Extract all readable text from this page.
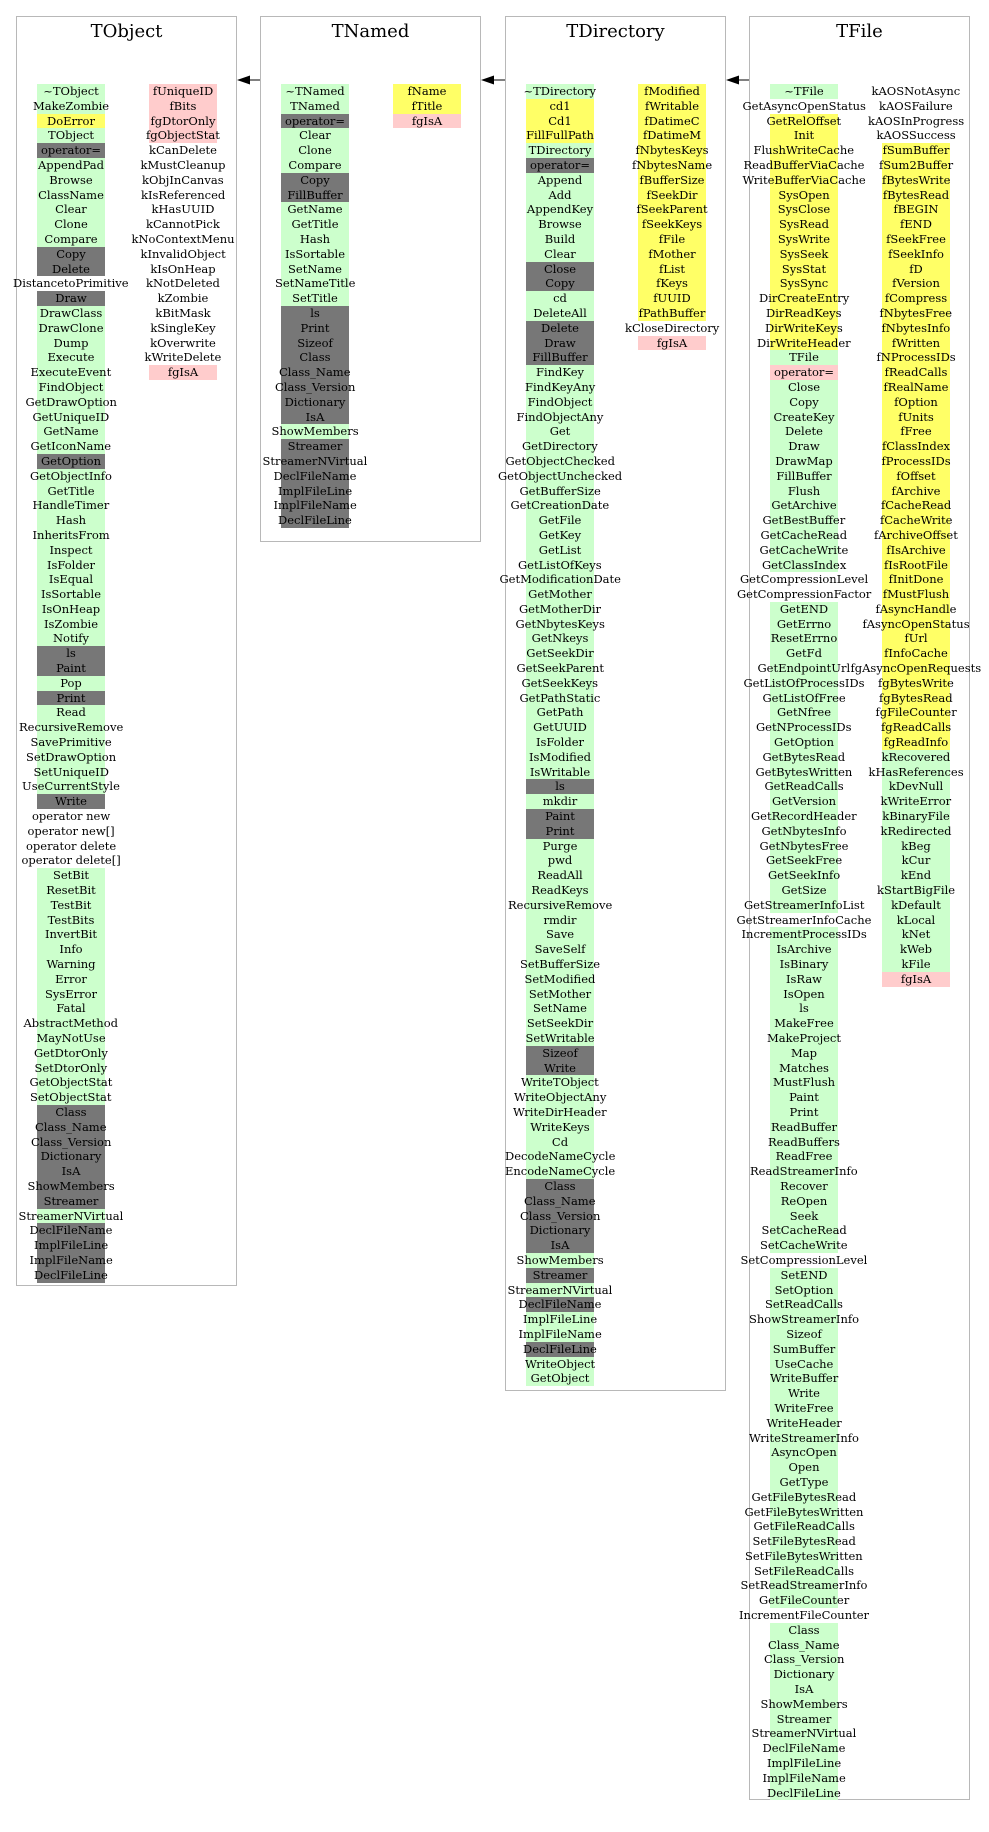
TObject
~TObject
MakeZombie
DoError
TObject
operator=
AppendPad
Browse
ClassName
Clear
Clone
Compare
Copy
Delete
DistancetoPrimitive
Draw
DrawClass
DrawClone
Dump
Execute
ExecuteEvent
FindObject
GetDrawOption
GetUniqueID
GetName
GetIconName
GetOption
GetObjectInfo
GetTitle
HandleTimer
Hash
InheritsFrom
Inspect
IsFolder
IsEqual
IsSortable
IsOnHeap
IsZombie
Notify
ls
Paint
Pop
Print
Read
RecursiveRemove
SavePrimitive
SetDrawOption
SetUniqueID
UseCurrentStyle
Write
operator new
operator new[]
operator delete
operator delete[]
SetBit
ResetBit
TestBit
TestBits
InvertBit
Info
Warning
Error
SysError
Fatal
AbstractMethod
MayNotUse
GetDtorOnly
SetDtorOnly
GetObjectStat
SetObjectStat
Class
Class_Name
Class_Version
Dictionary
IsA
ShowMembers
Streamer
StreamerNVirtual
DeclFileName
ImplFileLine
ImplFileName
DeclFileLine
fUniqueID
fBits
fgDtorOnly
fgObjectStat
kCanDelete
kMustCleanup
kObjInCanvas
kIsReferenced
kHasUUID
kCannotPick
kNoContextMenu
kInvalidObject
kIsOnHeap
kNotDeleted
kZombie
kBitMask
kSingleKey
kOverwrite
kWriteDelete
fgIsA
TNamed
~TNamed
TNamed
operator=
Clear
Clone
Compare
Copy
FillBuffer
GetName
GetTitle
Hash
IsSortable
SetName
SetNameTitle
SetTitle
ls
Print
Sizeof
Class
Class_Name
Class_Version
Dictionary
IsA
ShowMembers
Streamer
StreamerNVirtual
DeclFileName
ImplFileLine
ImplFileName
DeclFileLine
fName
fTitle
fgIsA
TDirectory
~TDirectory
cd1
Cd1
FillFullPath
TDirectory
operator=
Append
Add
AppendKey
Browse
Build
Clear
Close
Copy
cd
DeleteAll
Delete
Draw
FillBuffer
FindKey
FindKeyAny
FindObject
FindObjectAny
Get
GetDirectory
GetObjectChecked
GetObjectUnchecked
GetBufferSize
GetCreationDate
GetFile
GetKey
GetList
GetListOfKeys
GetModificationDate
GetMother
GetMotherDir
GetNbytesKeys
GetNkeys
GetSeekDir
GetSeekParent
GetSeekKeys
GetPathStatic
GetPath
GetUUID
IsFolder
IsModified
IsWritable
ls
mkdir
Paint
Print
Purge
pwd
ReadAll
ReadKeys
RecursiveRemove
rmdir
Save
SaveSelf
SetBufferSize
SetModified
SetMother
SetName
SetSeekDir
SetWritable
Sizeof
Write
WriteTObject
WriteObjectAny
WriteDirHeader
WriteKeys
Cd
DecodeNameCycle
EncodeNameCycle
Class
Class_Name
Class_Version
Dictionary
IsA
ShowMembers
Streamer
StreamerNVirtual
DeclFileName
ImplFileLine
ImplFileName
DeclFileLine
WriteObject
GetObject
fModified
fWritable
fDatimeC
fDatimeM
fNbytesKeys
fNbytesName
fBufferSize
fSeekDir
fSeekParent
fSeekKeys
fFile
fMother
fList
fKeys
fUUID
fPathBuffer
kCloseDirectory
fgIsA
TFile
~TFile
GetAsyncOpenStatus
GetRelOffset
Init
FlushWriteCache
ReadBufferViaCache
WriteBufferViaCache
SysOpen
SysClose
SysRead
SysWrite
SysSeek
SysStat
SysSync
DirCreateEntry
DirReadKeys
DirWriteKeys
DirWriteHeader
TFile
operator=
Close
Copy
CreateKey
Delete
Draw
DrawMap
FillBuffer
Flush
GetArchive
GetBestBuffer
GetCacheRead
GetCacheWrite
GetClassIndex
GetCompressionLevel
GetCompressionFactor
GetEND
GetErrno
ResetErrno
GetFd
GetEndpointUrl
GetListOfProcessIDs
GetListOfFree
GetNfree
GetNProcessIDs
GetOption
GetBytesRead
GetBytesWritten
GetReadCalls
GetVersion
GetRecordHeader
GetNbytesInfo
GetNbytesFree
GetSeekFree
GetSeekInfo
GetSize
GetStreamerInfoList
GetStreamerInfoCache
IncrementProcessIDs
IsArchive
IsBinary
IsRaw
IsOpen
ls
MakeFree
MakeProject
Map
Matches
MustFlush
Paint
Print
ReadBuffer
ReadBuffers
ReadFree
ReadStreamerInfo
Recover
ReOpen
Seek
SetCacheRead
SetCacheWrite
SetCompressionLevel
SetEND
SetOption
SetReadCalls
ShowStreamerInfo
Sizeof
SumBuffer
UseCache
WriteBuffer
Write
WriteFree
WriteHeader
WriteStreamerInfo
AsyncOpen
Open
GetType
GetFileBytesRead
GetFileBytesWritten
GetFileReadCalls
SetFileBytesRead
SetFileBytesWritten
SetFileReadCalls
SetReadStreamerInfo
GetFileCounter
IncrementFileCounter
Class
Class_Name
Class_Version
Dictionary
IsA
ShowMembers
Streamer
StreamerNVirtual
DeclFileName
ImplFileLine
ImplFileName
DeclFileLine
kAOSNotAsync
kAOSFailure
kAOSInProgress
kAOSSuccess
fSumBuffer
fSum2Buffer
fBytesWrite
fBytesRead
fBEGIN
fEND
fSeekFree
fSeekInfo
fD
fVersion
fCompress
fNbytesFree
fNbytesInfo
fWritten
fNProcessIDs
fReadCalls
fRealName
fOption
fUnits
fFree
fClassIndex
fProcessIDs
fOffset
fArchive
fCacheRead
fCacheWrite
fArchiveOffset
fIsArchive
fIsRootFile
fInitDone
fMustFlush
fAsyncHandle
fAsyncOpenStatus
fUrl
fInfoCache
fgAsyncOpenRequests
fgBytesWrite
fgBytesRead
fgFileCounter
fgReadCalls
fgReadInfo
kRecovered
kHasReferences
kDevNull
kWriteError
kBinaryFile
kRedirected
kBeg
kCur
kEnd
kStartBigFile
kDefault
kLocal
kNet
kWeb
kFile
fgIsA
